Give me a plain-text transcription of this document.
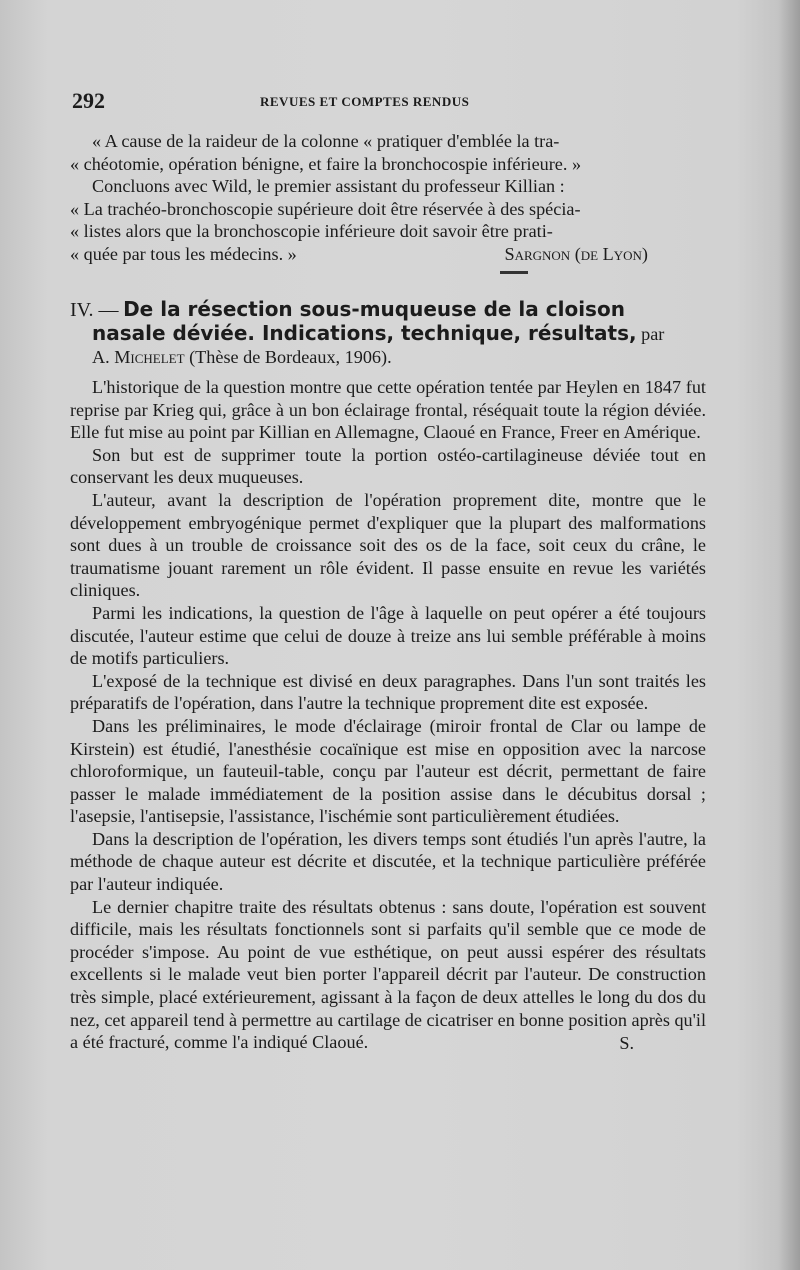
292	REVUES ET COMPTES RENDUS

« A cause de la raideur de la colonne « pratiquer d'emblée la tra-

« chéotomie, opération bénigne, et faire la bronchocospie inférieure. »

Concluons avec Wild, le premier assistant du professeur Killian :

« La trachéo-bronchoscopie supérieure doit être réservée à des spécia-

« listes alors que la bronchoscopie inférieure doit savoir être prati-

« quée par tous les médecins. »	Sargnon (de Lyon)
IV. — De la résection sous-muqueuse de la cloison
nasale déviée. Indications, technique, résultats, par
A. Michelet (Thèse de Bordeaux, 1906).

L'historique de la question montre que cette opération tentée par Heylen en 1847 fut reprise par Krieg qui, grâce à un bon éclairage frontal, réséquait toute la région déviée. Elle fut mise au point par Killian en Allemagne, Claoué en France, Freer en Amérique.

Son but est de supprimer toute la portion ostéo-cartilagineuse déviée tout en conservant les deux muqueuses.

L'auteur, avant la description de l'opération proprement dite, montre que le développement embryogénique permet d'expliquer que la plupart des malformations sont dues à un trouble de croissance soit des os de la face, soit ceux du crâne, le traumatisme jouant rarement un rôle évident. Il passe ensuite en revue les variétés cliniques.

Parmi les indications, la question de l'âge à laquelle on peut opérer a été toujours discutée, l'auteur estime que celui de douze à treize ans lui semble préférable à moins de motifs particuliers.

L'exposé de la technique est divisé en deux paragraphes. Dans l'un sont traités les préparatifs de l'opération, dans l'autre la technique proprement dite est exposée.

Dans les préliminaires, le mode d'éclairage (miroir frontal de Clar ou lampe de Kirstein) est étudié, l'anesthésie cocaïnique est mise en opposition avec la narcose chloroformique, un fauteuil-table, conçu par l'auteur est décrit, permettant de faire passer le malade immédiatement de la position assise dans le décubitus dorsal ; l'asepsie, l'antisepsie, l'assistance, l'ischémie sont particulièrement étudiées.

Dans la description de l'opération, les divers temps sont étudiés l'un après l'autre, la méthode de chaque auteur est décrite et discutée, et la technique particulière préférée par l'auteur indiquée.

Le dernier chapitre traite des résultats obtenus : sans doute, l'opération est souvent difficile, mais les résultats fonctionnels sont si parfaits qu'il semble que ce mode de procéder s'impose. Au point de vue esthétique, on peut aussi espérer des résultats excellents si le malade veut bien porter l'appareil décrit par l'auteur. De construction très simple, placé extérieurement, agissant à la façon de deux attelles le long du dos du nez, cet appareil tend à permettre au cartilage de cicatriser en bonne position après qu'il a été fracturé, comme l'a indiqué Claoué.	S.
